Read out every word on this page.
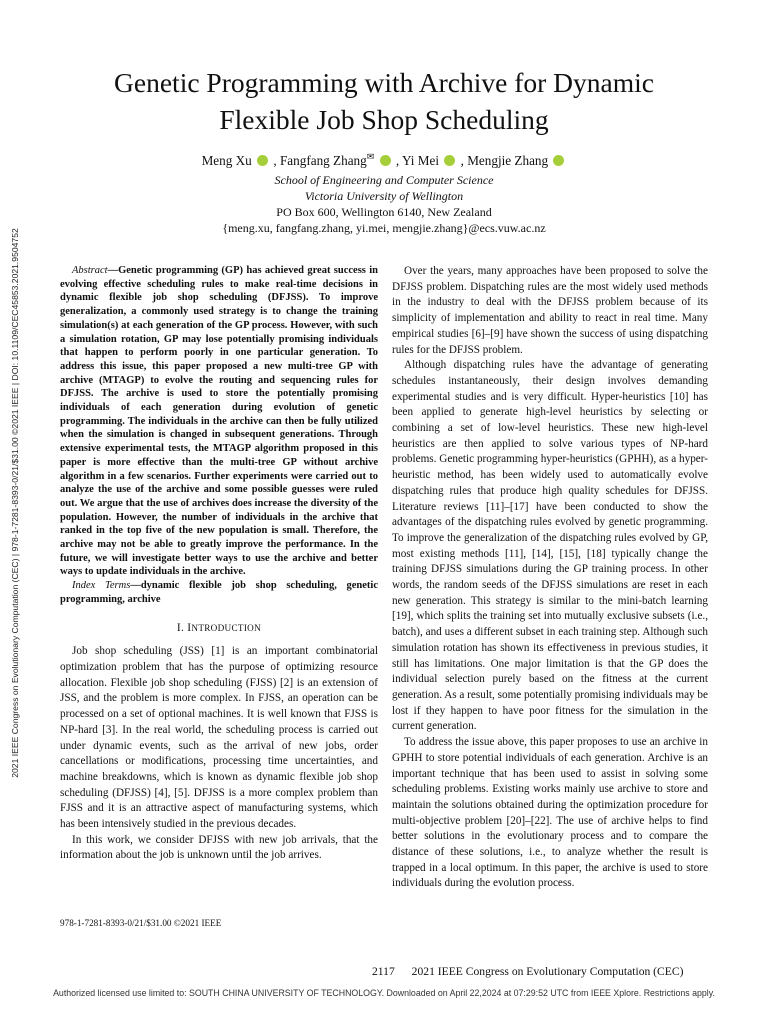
Genetic Programming with Archive for Dynamic
Flexible Job Shop Scheduling
Meng Xu  , Fangfang Zhang✉  , Yi Mei  , Mengjie Zhang
School of Engineering and Computer Science
Victoria University of Wellington
PO Box 600, Wellington 6140, New Zealand
{meng.xu, fangfang.zhang, yi.mei, mengjie.zhang}@ecs.vuw.ac.nz
2021 IEEE Congress on Evolutionary Computation (CEC) | 978-1-7281-8393-0/21/$31.00 ©2021 IEEE | DOI: 10.1109/CEC45853.2021.9504752	Abstract—Genetic programming (GP) has achieved great success in evolving effective scheduling rules to make real-time decisions in dynamic flexible job shop scheduling (DFJSS). To improve generalization, a commonly used strategy is to change the training simulation(s) at each generation of the GP process. However, with such a simulation rotation, GP may lose potentially promising individuals that happen to perform poorly in one particular generation. To address this issue, this paper proposed a new multi-tree GP with archive (MTAGP) to evolve the routing and sequencing rules for DFJSS. The archive is used to store the potentially promising individuals of each generation during evolution of genetic programming. The individuals in the archive can then be fully utilized when the simulation is changed in subsequent generations. Through extensive experimental tests, the MTAGP algorithm proposed in this paper is more effective than the multi-tree GP without archive algorithm in a few scenarios. Further experiments were carried out to analyze the use of the archive and some possible guesses were ruled out. We argue that the use of archives does increase the diversity of the population. However, the number of individuals in the archive that ranked in the top five of the new population is small. Therefore, the archive may not be able to greatly improve the performance. In the future, we will investigate better ways to use the archive and better ways to update individuals in the archive.

Index Terms—dynamic flexible job shop scheduling, genetic programming, archive

I. INTRODUCTION

Job shop scheduling (JSS) [1] is an important combinatorial optimization problem that has the purpose of optimizing resource allocation. Flexible job shop scheduling (FJSS) [2] is an extension of JSS, and the problem is more complex. In FJSS, an operation can be processed on a set of optional machines. It is well known that FJSS is NP-hard [3]. In the real world, the scheduling process is carried out under dynamic events, such as the arrival of new jobs, order cancellations or modifications, processing time uncertainties, and machine breakdowns, which is known as dynamic flexible job shop scheduling (DFJSS) [4], [5]. DFJSS is a more complex problem than FJSS and it is an attractive aspect of manufacturing systems, which has been intensively studied in the previous decades.

In this work, we consider DFJSS with new job arrivals, that the information about the job is unknown until the job arrives.

Over the years, many approaches have been proposed to solve the DFJSS problem. Dispatching rules are the most widely used methods in the industry to deal with the DFJSS problem because of its simplicity of implementation and ability to react in real time. Many empirical studies [6]–[9] have shown the success of using dispatching rules for the DFJSS problem.

Although dispatching rules have the advantage of generating schedules instantaneously, their design involves demanding experimental studies and is very difficult. Hyper-heuristics [10] has been applied to generate high-level heuristics by selecting or combining a set of low-level heuristics. These new high-level heuristics are then applied to solve various types of NP-hard problems. Genetic programming hyper-heuristics (GPHH), as a hyper-heuristic method, has been widely used to automatically evolve dispatching rules that produce high quality schedules for DFJSS. Literature reviews [11]–[17] have been conducted to show the advantages of the dispatching rules evolved by genetic programming. To improve the generalization of the dispatching rules evolved by GP, most existing methods [11], [14], [15], [18] typically change the training DFJSS simulations during the GP training process. In other words, the random seeds of the DFJSS simulations are reset in each new generation. This strategy is similar to the mini-batch learning [19], which splits the training set into mutually exclusive subsets (i.e., batch), and uses a different subset in each training step. Although such simulation rotation has shown its effectiveness in previous studies, it still has limitations. One major limitation is that the GP does the individual selection purely based on the fitness at the current generation. As a result, some potentially promising individuals may be lost if they happen to have poor fitness for the simulation in the current generation.

To address the issue above, this paper proposes to use an archive in GPHH to store potential individuals of each generation. Archive is an important technique that has been used to assist in solving some scheduling problems. Existing works mainly use archive to store and maintain the solutions obtained during the optimization procedure for multi-objective problem [20]–[22]. The use of archive helps to find better solutions in the evolutionary process and to compare the distance of these solutions, i.e., to analyze whether the result is trapped in a local optimum. In this paper, the archive is used to store individuals during the evolution process.

978-1-7281-8393-0/21/$31.00 ©2021 IEEE
2117 2021 IEEE Congress on Evolutionary Computation (CEC)
Authorized licensed use limited to: SOUTH CHINA UNIVERSITY OF TECHNOLOGY. Downloaded on April 22,2024 at 07:29:52 UTC from IEEE Xplore. Restrictions apply.
